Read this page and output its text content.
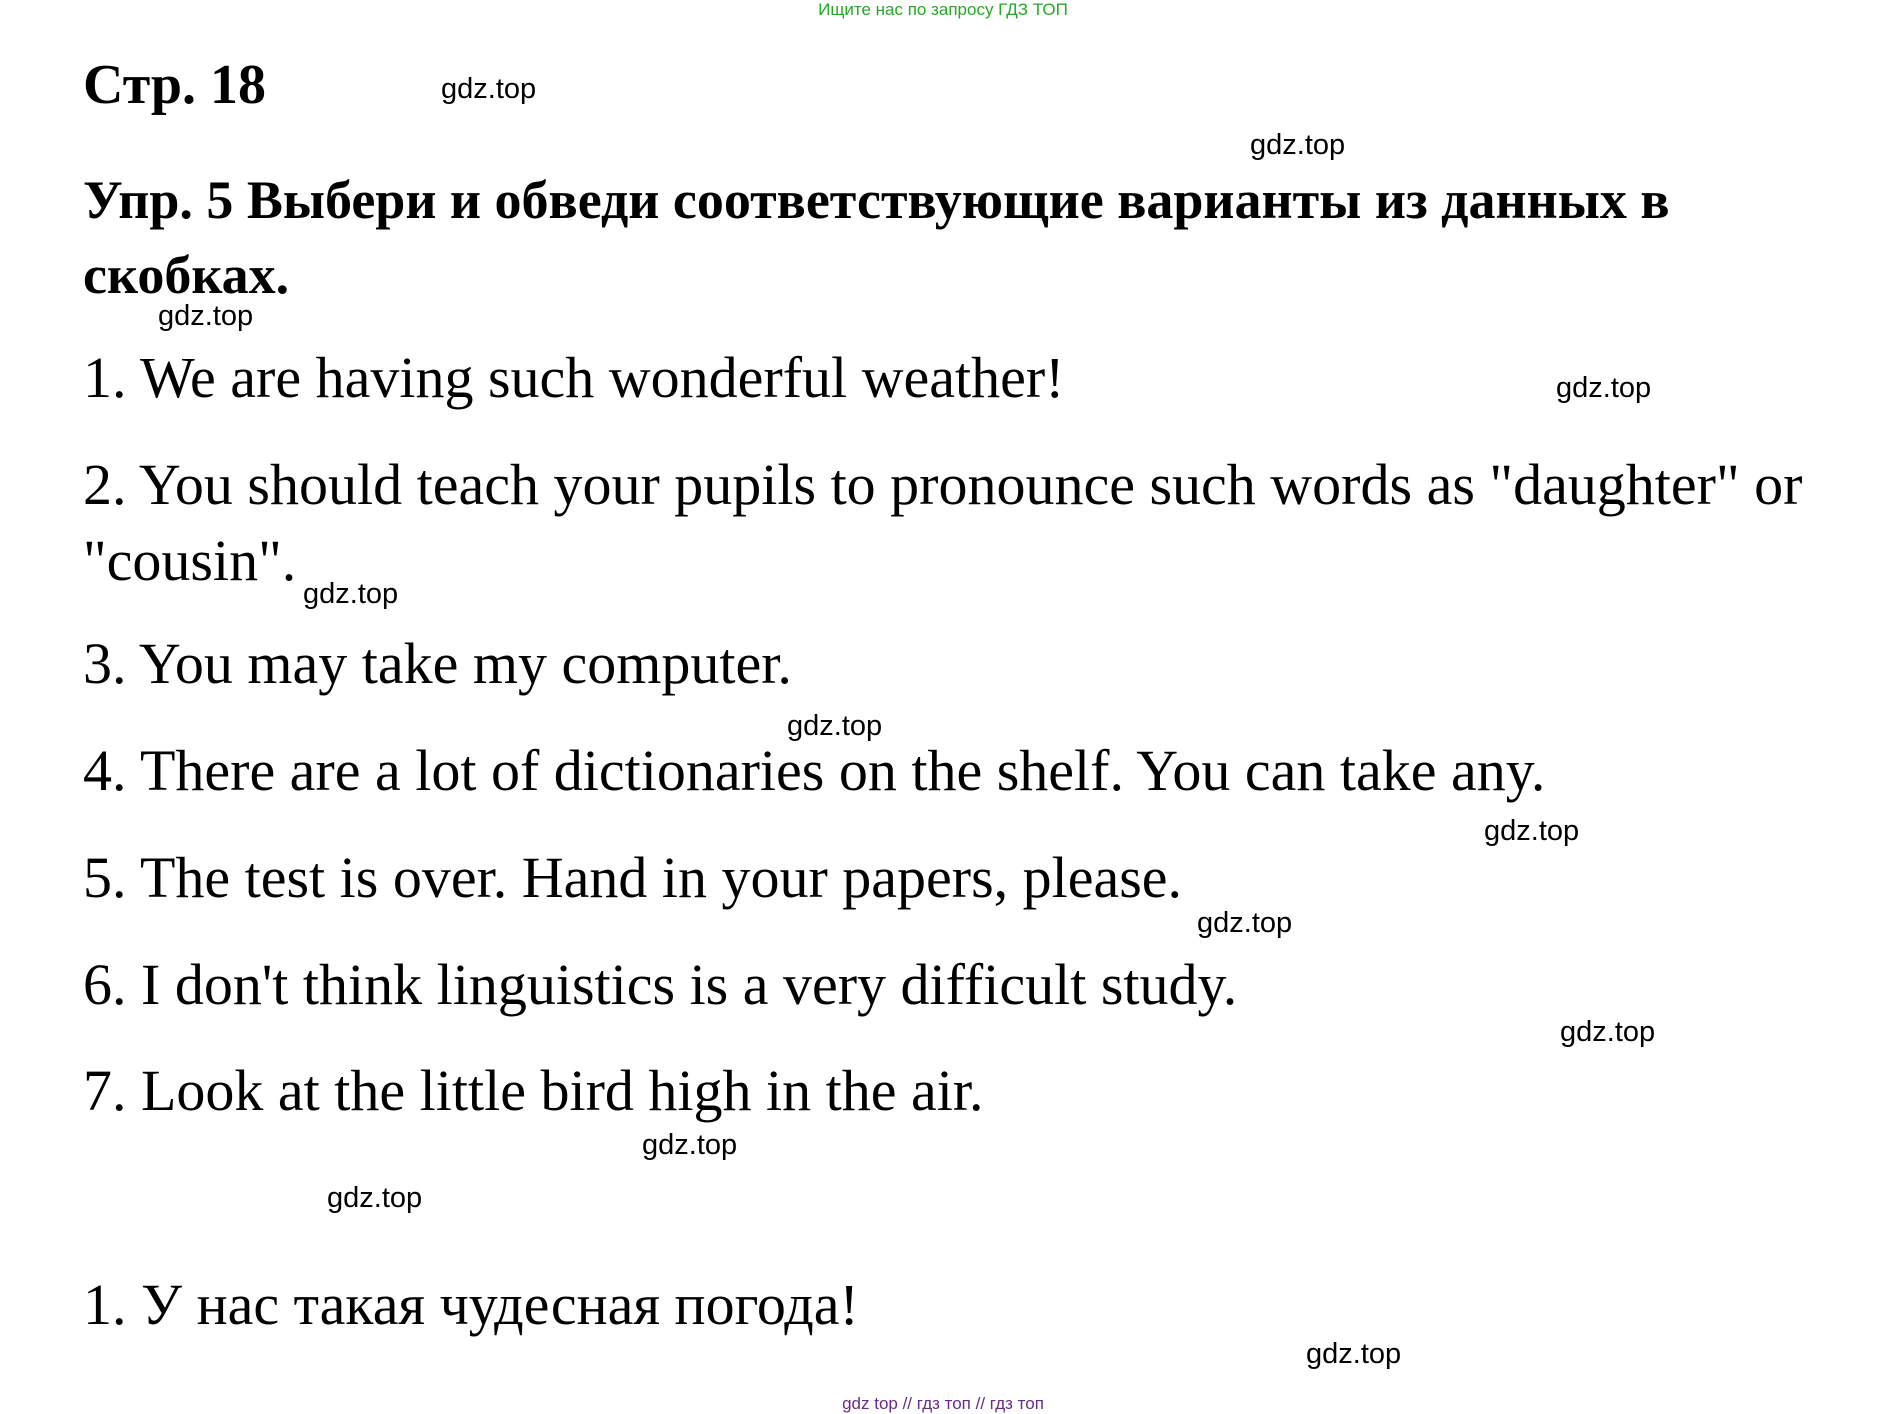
Ищите нас по запросу ГДЗ ТОП
Стр. 18
Упр. 5 Выбери и обведи соответствующие варианты из данных в скобках.

1. We are having such wonderful weather!

2. You should teach your pupils to pronounce such words as "daughter" or "cousin".

3. You may take my computer.

4. There are a lot of dictionaries on the shelf. You can take any.

5. The test is over. Hand in your papers, please.

6. I don't think linguistics is a very difficult study.

7. Look at the little bird high in the air.

1. У нас такая чудесная погода!

gdz.top
gdz.top
gdz.top
gdz.top
gdz.top
gdz.top
gdz.top
gdz.top
gdz.top
gdz.top
gdz.top
gdz.top
gdz top // гдз топ // гдз топ
